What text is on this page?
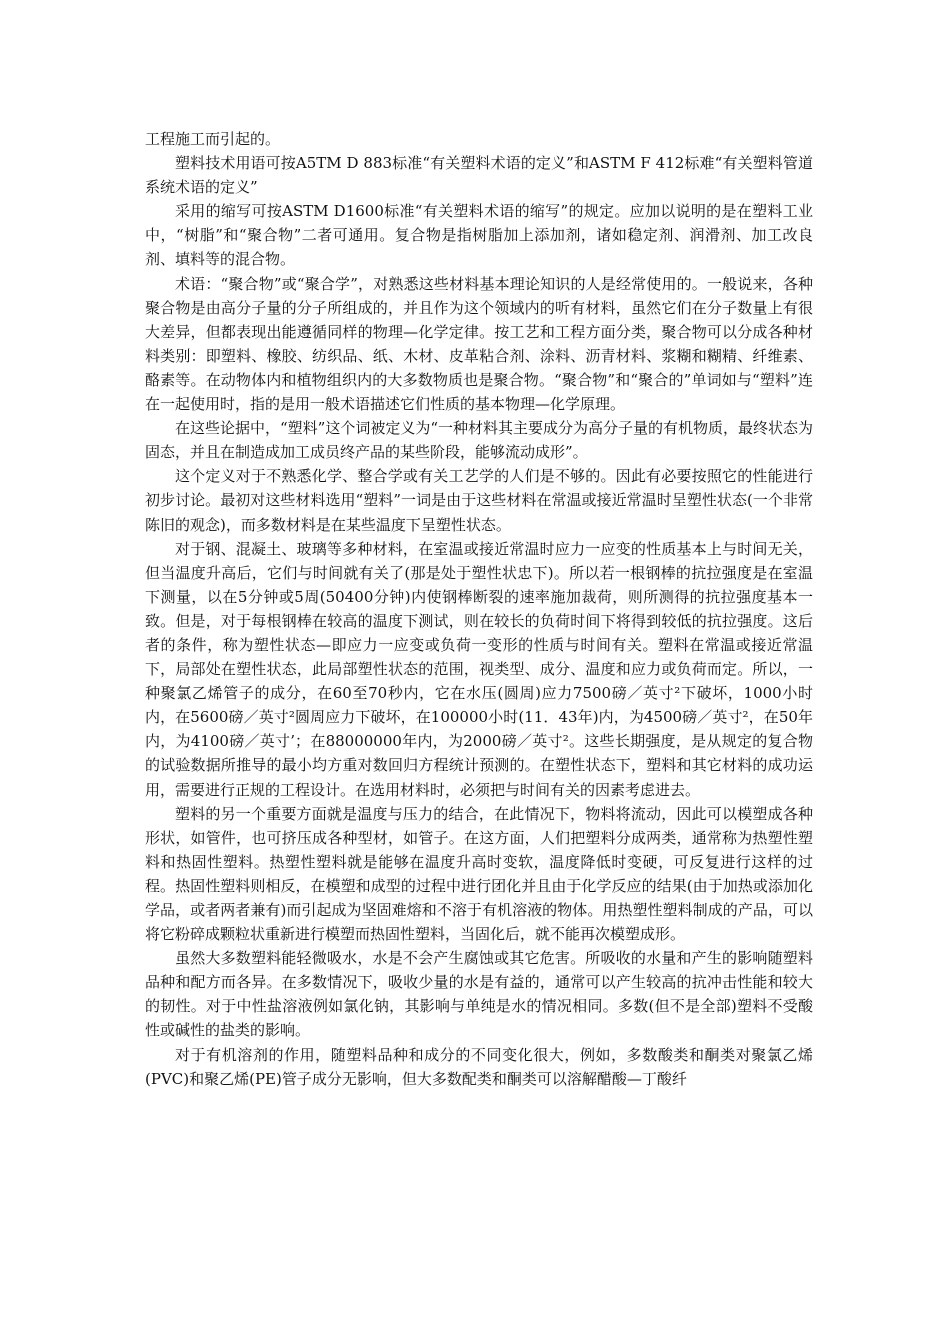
工程施工而引起的。

塑料技术用语可按A5TM D 883标准“有关塑料术语的定义”和ASTM F 412标难“有关塑料管道系统术语的定义”

采用的缩写可按ASTM D1600标准“有关塑料术语的缩写”的规定。应加以说明的是在塑料工业中，“树脂”和“聚合物”二者可通用。复合物是指树脂加上添加剂，诸如稳定剂、润滑剂、加工改良剂、填料等的混合物。

术语：“聚合物”或“聚合学”，对熟悉这些材料基本理论知识的人是经常使用的。一般说来，各种聚合物是由高分子量的分子所组成的，并且作为这个领域内的听有材料，虽然它们在分子数量上有很大差异，但都表现出能遵循同样的物理—化学定律。按工艺和工程方面分类，聚合物可以分成各种材料类别：即塑料、橡胶、纺织品、纸、木材、皮革粘合剂、涂料、沥青材料、浆糊和糊精、纤维素、酪素等。在动物体内和植物组织内的大多数物质也是聚合物。“聚合物”和“聚合的”单词如与“塑料”连在一起使用时，指的是用一般术语描述它们性质的基本物理—化学原理。

在这些论据中，“塑料”这个词被定义为“一种材料其主要成分为高分子量的有机物质，最终状态为固态，并且在制造成加工成员终产品的某些阶段，能够流动成形”。

这个定义对于不熟悉化学、整合学或有关工艺学的人们是不够的。因此有必要按照它的性能进行初步讨论。最初对这些材料选用“塑料”一词是由于这些材料在常温或接近常温时呈塑性状态(一个非常陈旧的观念)，而多数材料是在某些温度下呈塑性状态。

对于钢、混凝土、玻璃等多种材料，在室温或接近常温时应力一应变的性质基本上与时间无关，但当温度升高后，它们与时间就有关了(那是处于塑性状忠下)。所以若一根钢棒的抗拉强度是在室温下测量，以在5分钟或5周(50400分钟)内使钢棒断裂的速率施加裁荷，则所测得的抗拉强度基本一致。但是，对于每根钢棒在较高的温度下测试，则在较长的负荷时间下将得到较低的抗拉强度。这后者的条件，称为塑性状态—即应力一应变或负荷一变形的性质与时间有关。塑料在常温或接近常温下，局部处在塑性状态，此局部塑性状态的范围，视类型、成分、温度和应力或负荷而定。所以，一种聚氯乙烯管子的成分，在60至70秒内，它在水压(圆周)应力7500磅／英寸²下破坏，1000小时内，在5600磅／英寸²圆周应力下破坏，在100000小时(11．43年)内，为4500磅／英寸²，在50年内，为4100磅／英寸’；在88000000年内，为2000磅／英寸²。这些长期强度，是从规定的复合物的试验数据所推导的最小均方重对数回归方程统计预测的。在塑性状态下，塑料和其它材料的成功运用，需要进行正规的工程设计。在选用材料时，必须把与时间有关的因素考虑进去。

塑料的另一个重要方面就是温度与压力的结合，在此情况下，物料将流动，因此可以模塑成各种形状，如管件，也可挤压成各种型材，如管子。在这方面，人们把塑料分成两类，通常称为热塑性塑料和热固性塑料。热塑性塑料就是能够在温度升高时变软，温度降低时变硬，可反复进行这样的过程。热固性塑料则相反，在模塑和成型的过程中进行团化并且由于化学反应的结果(由于加热或添加化学品，或者两者兼有)而引起成为坚固难熔和不溶于有机溶液的物体。用热塑性塑料制成的产品，可以将它粉碎成颗粒状重新进行模塑而热固性塑料，当固化后，就不能再次模塑成形。

虽然大多数塑料能轻微吸水，水是不会产生腐蚀或其它危害。所吸收的水量和产生的影响随塑料品种和配方而各异。在多数情况下，吸收少量的水是有益的，通常可以产生较高的抗冲击性能和较大的韧性。对于中性盐溶液例如氯化钠，其影响与单纯是水的情况相同。多数(但不是全部)塑料不受酸性或碱性的盐类的影响。

对于有机溶剂的作用，随塑料品种和成分的不同变化很大，例如，多数酸类和酮类对聚氯乙烯(PVC)和聚乙烯(PE)管子成分无影响，但大多数配类和酮类可以溶解醋酸—丁酸纤
